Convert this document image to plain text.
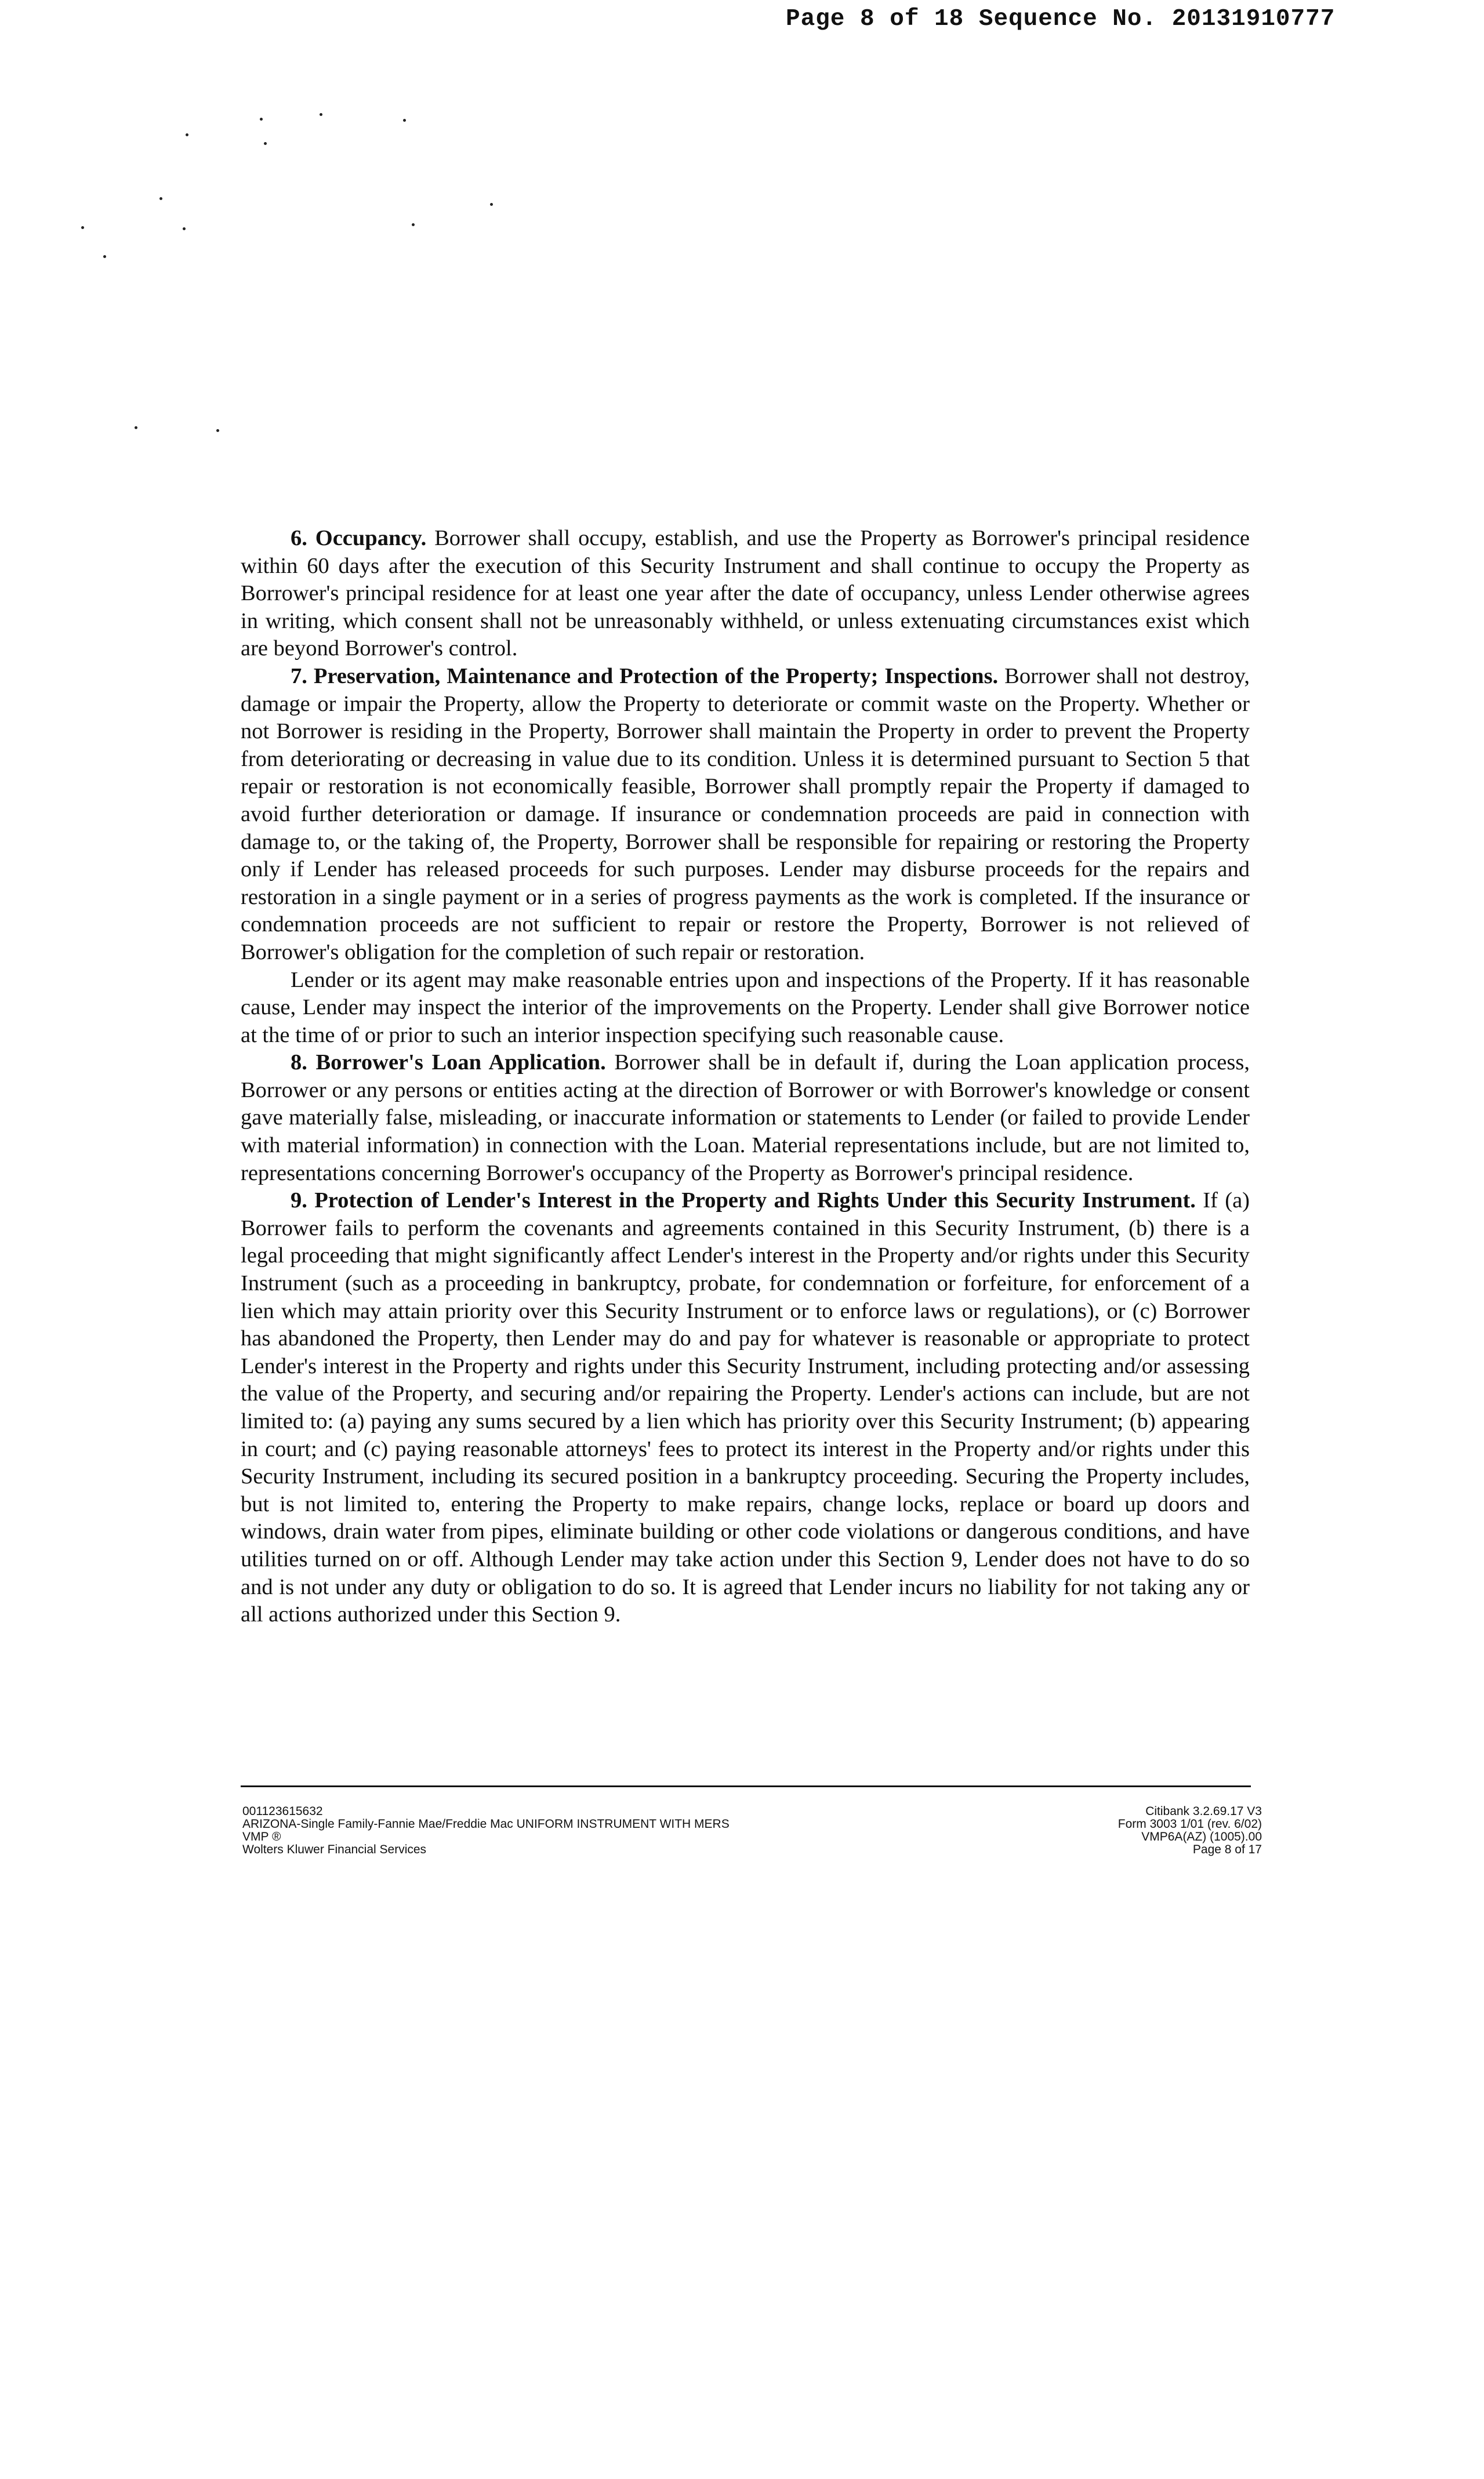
Page 8 of 18 Sequence No. 20131910777

6. Occupancy. Borrower shall occupy, establish, and use the Property as Borrower's principal residence within 60 days after the execution of this Security Instrument and shall continue to occupy the Property as Borrower's principal residence for at least one year after the date of occupancy, unless Lender otherwise agrees in writing, which consent shall not be unreasonably withheld, or unless extenuating circumstances exist which are beyond Borrower's control.

7. Preservation, Maintenance and Protection of the Property; Inspections. Borrower shall not destroy, damage or impair the Property, allow the Property to deteriorate or commit waste on the Property. Whether or not Borrower is residing in the Property, Borrower shall maintain the Property in order to prevent the Property from deteriorating or decreasing in value due to its condition. Unless it is determined pursuant to Section 5 that repair or restoration is not economically feasible, Borrower shall promptly repair the Property if damaged to avoid further deterioration or damage. If insurance or condemnation proceeds are paid in connection with damage to, or the taking of, the Property, Borrower shall be responsible for repairing or restoring the Property only if Lender has released proceeds for such purposes. Lender may disburse proceeds for the repairs and restoration in a single payment or in a series of progress payments as the work is completed. If the insurance or condemnation proceeds are not sufficient to repair or restore the Property, Borrower is not relieved of Borrower's obligation for the completion of such repair or restoration.

Lender or its agent may make reasonable entries upon and inspections of the Property. If it has reasonable cause, Lender may inspect the interior of the improvements on the Property. Lender shall give Borrower notice at the time of or prior to such an interior inspection specifying such reasonable cause.

8. Borrower's Loan Application. Borrower shall be in default if, during the Loan application process, Borrower or any persons or entities acting at the direction of Borrower or with Borrower's knowledge or consent gave materially false, misleading, or inaccurate information or statements to Lender (or failed to provide Lender with material information) in connection with the Loan. Material representations include, but are not limited to, representations concerning Borrower's occupancy of the Property as Borrower's principal residence.

9. Protection of Lender's Interest in the Property and Rights Under this Security Instrument. If (a) Borrower fails to perform the covenants and agreements contained in this Security Instrument, (b) there is a legal proceeding that might significantly affect Lender's interest in the Property and/or rights under this Security Instrument (such as a proceeding in bankruptcy, probate, for condemnation or forfeiture, for enforcement of a lien which may attain priority over this Security Instrument or to enforce laws or regulations), or (c) Borrower has abandoned the Property, then Lender may do and pay for whatever is reasonable or appropriate to protect Lender's interest in the Property and rights under this Security Instrument, including protecting and/or assessing the value of the Property, and securing and/or repairing the Property. Lender's actions can include, but are not limited to: (a) paying any sums secured by a lien which has priority over this Security Instrument; (b) appearing in court; and (c) paying reasonable attorneys' fees to protect its interest in the Property and/or rights under this Security Instrument, including its secured position in a bankruptcy proceeding. Securing the Property includes, but is not limited to, entering the Property to make repairs, change locks, replace or board up doors and windows, drain water from pipes, eliminate building or other code violations or dangerous conditions, and have utilities turned on or off. Although Lender may take action under this Section 9, Lender does not have to do so and is not under any duty or obligation to do so. It is agreed that Lender incurs no liability for not taking any or all actions authorized under this Section 9.

001123615632
ARIZONA-Single Family-Fannie Mae/Freddie Mac UNIFORM INSTRUMENT WITH MERS
VMP ®
Wolters Kluwer Financial Services
Citibank 3.2.69.17 V3
Form 3003 1/01 (rev. 6/02)
VMP6A(AZ) (1005).00
Page 8 of 17
